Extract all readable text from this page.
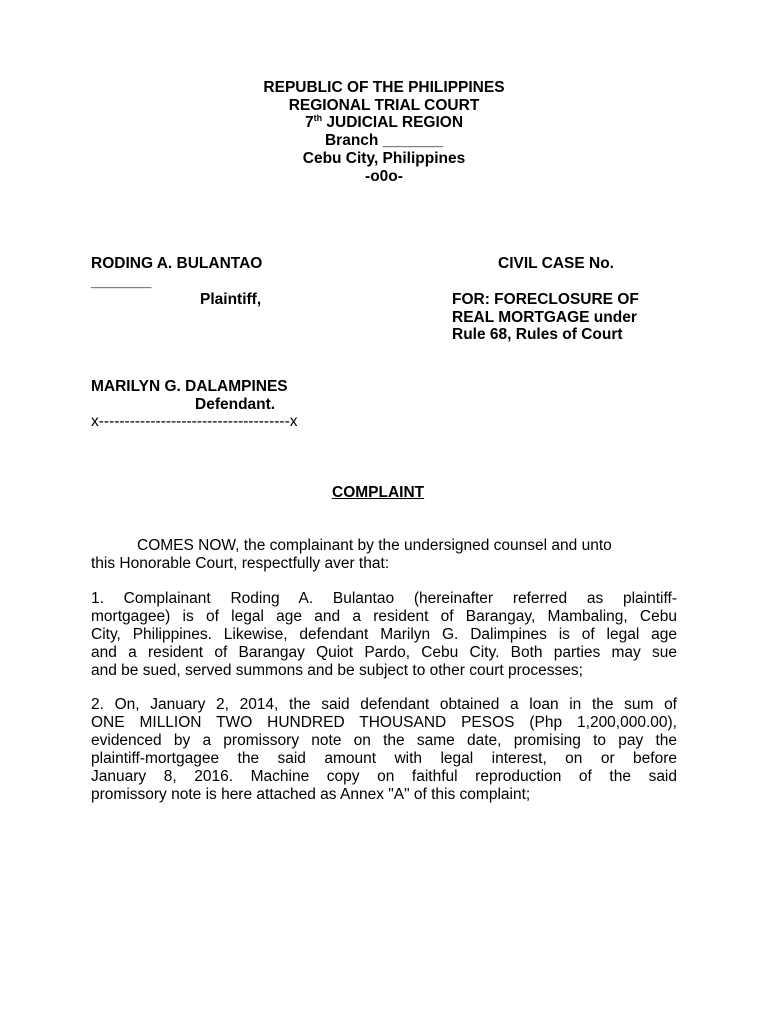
REPUBLIC OF THE PHILIPPINES
REGIONAL TRIAL COURT
7th JUDICIAL REGION
Branch _______
Cebu City, Philippines
-o0o-
RODING A. BULANTAO
_______
Plaintiff,
CIVIL CASE No.
FOR: FORECLOSURE OF
REAL MORTGAGE under
Rule 68, Rules of Court
MARILYN G. DALAMPINES
Defendant.
x-------------------------------------x
COMPLAINT
COMES NOW, the complainant by the undersigned counsel and unto
this Honorable Court, respectfully aver that:
1. Complainant Roding A. Bulantao (hereinafter referred as plaintiff-
mortgagee) is of legal age and a resident of Barangay, Mambaling, Cebu
City, Philippines. Likewise, defendant Marilyn G. Dalimpines is of legal age
and a resident of Barangay Quiot Pardo, Cebu City. Both parties may sue
and be sued, served summons and be subject to other court processes;
2. On, January 2, 2014, the said defendant obtained a loan in the sum of
ONE MILLION TWO HUNDRED THOUSAND PESOS (Php 1,200,000.00),
evidenced by a promissory note on the same date, promising to pay the
plaintiff-mortgagee the said amount with legal interest, on or before
January 8, 2016. Machine copy on faithful reproduction of the said
promissory note is here attached as Annex "A" of this complaint;
